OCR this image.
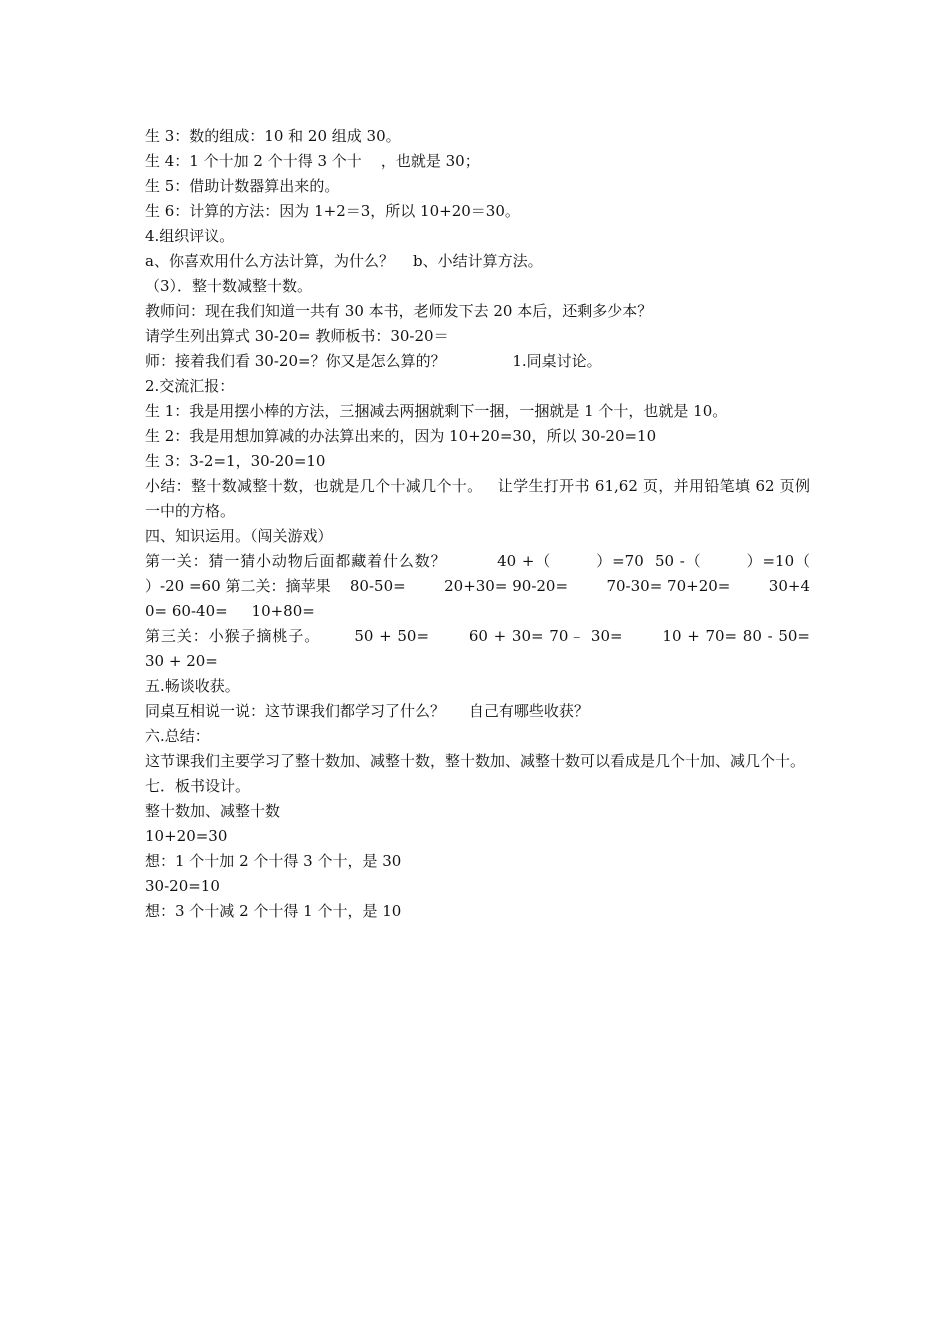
生 3：数的组成：10 和 20 组成 30。

生 4：1 个十加 2 个十得 3 个十    ，也就是 30；

生 5：借助计数器算出来的。

生 6：计算的方法：因为 1+2＝3，所以 10+20＝30。

4.组织评议。

a、你喜欢用什么方法计算，为什么？    b、小结计算方法。

（3）．整十数减整十数。

教师问：现在我们知道一共有 30 本书，老师发下去 20 本后，还剩多少本？

请学生列出算式 30-20= 教师板书：30-20＝

师：接着我们看 30-20=？你又是怎么算的？              1.同桌讨论。

2.交流汇报：

生 1：我是用摆小棒的方法，三捆减去两捆就剩下一捆，一捆就是 1 个十，也就是 10。

生 2：我是用想加算减的办法算出来的，因为 10+20=30，所以 30-20=10

生 3：3-2=1，30-20=10

小结：整十数减整十数，也就是几个十减几个十。   让学生打开书 61,62 页，并用铅笔填 62 页例一中的方格。

四、知识运用。（闯关游戏）

第一关：猜一猜小动物后面都藏着什么数？         40 +（        ）=70  50 -（        ）=10（              ）-20 =60 第二关：摘苹果    80-50=        20+30= 90-20=        70-30= 70+20=        30+40= 60-40=     10+80=

第三关：小猴子摘桃子。      50 + 50=       60 + 30= 70﹣ 30=       10 + 70= 80 - 50=       30 + 20=

五.畅谈收获。

同桌互相说一说：这节课我们都学习了什么？     自己有哪些收获？

六.总结：

这节课我们主要学习了整十数加、减整十数，整十数加、减整十数可以看成是几个十加、减几个十。

七．板书设计。

整十数加、减整十数

10+20=30

想：1 个十加 2 个十得 3 个十，是 30

30-20=10

想：3 个十减 2 个十得 1 个十，是 10
